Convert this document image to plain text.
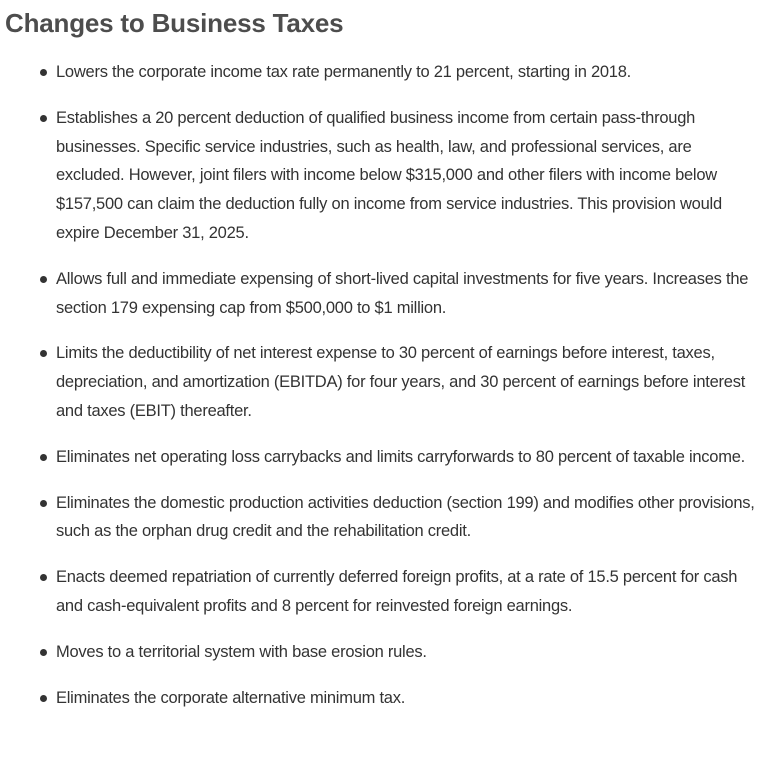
Changes to Business Taxes
Lowers the corporate income tax rate permanently to 21 percent, starting in 2018.
Establishes a 20 percent deduction of qualified business income from certain pass-through businesses. Specific service industries, such as health, law, and professional services, are excluded. However, joint filers with income below $315,000 and other filers with income below $157,500 can claim the deduction fully on income from service industries. This provision would expire December 31, 2025.
Allows full and immediate expensing of short-lived capital investments for five years. Increases the section 179 expensing cap from $500,000 to $1 million.
Limits the deductibility of net interest expense to 30 percent of earnings before interest, taxes, depreciation, and amortization (EBITDA) for four years, and 30 percent of earnings before interest and taxes (EBIT) thereafter.
Eliminates net operating loss carrybacks and limits carryforwards to 80 percent of taxable income.
Eliminates the domestic production activities deduction (section 199) and modifies other provisions, such as the orphan drug credit and the rehabilitation credit.
Enacts deemed repatriation of currently deferred foreign profits, at a rate of 15.5 percent for cash and cash-equivalent profits and 8 percent for reinvested foreign earnings.
Moves to a territorial system with base erosion rules.
Eliminates the corporate alternative minimum tax.
